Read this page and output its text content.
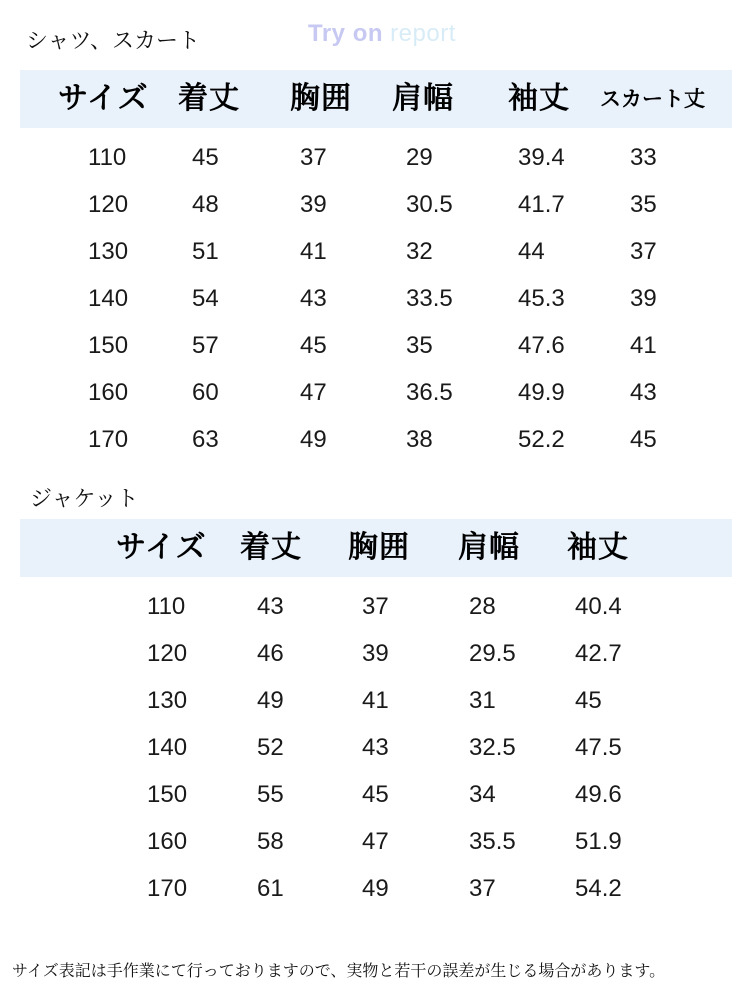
シャツ、スカート	Try on report
サイズ 着丈 胸囲 肩幅 袖丈 スカート丈
110	45	37	29	39.4	33
120	48	39	30.5	41.7	35
130	51	41	32	44	37
140	54	43	33.5	45.3	39
150	57	45	35	47.6	41
160	60	47	36.5	49.9	43
170	63	49	38	52.2	45
ジャケット
サイズ 着丈 胸囲 肩幅 袖丈
110	43	37	28	40.4
120	46	39	29.5 42.7
130	49	41	31	45
140	52	43	32.5 47.5
150	55	45	34	49.6
160	58	47	35.5 51.9
170	61	49	37	54.2
サイズ表記は手作業にて行っておりますので、実物と若干の誤差が生じる場合があります。
